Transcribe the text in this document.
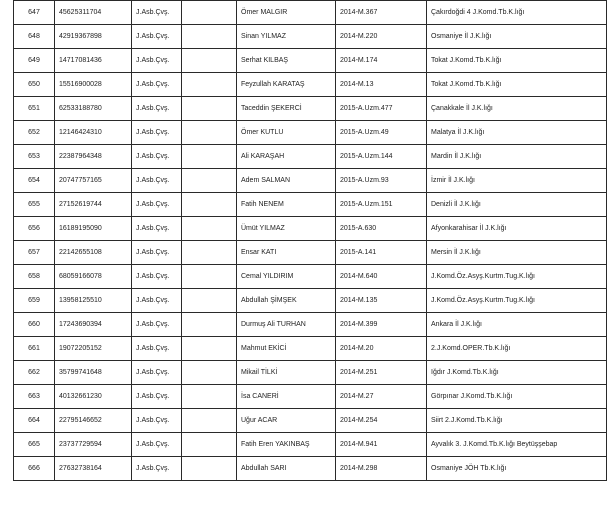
647	45625311704	J.Asb.Çvş.		Ömer MALGIR	2014-M.367	Çakırdoğdi 4 J.Komd.Tb.K.lığı
648	42919367898	J.Asb.Çvş.		Sinan YILMAZ	2014-M.220	Osmaniye İl J.K.lığı
649	14717081436	J.Asb.Çvş.		Serhat KILBAŞ	2014-M.174	Tokat J.Komd.Tb.K.lığı
650	15516900028	J.Asb.Çvş.		Feyzullah KARATAŞ	2014-M.13	Tokat J.Komd.Tb.K.lığı
651	62533188780	J.Asb.Çvş.		Taceddin ŞEKERCİ	2015-A.Uzm.477	Çanakkale İl J.K.lığı
652	12146424310	J.Asb.Çvş.		Ömer KUTLU	2015-A.Uzm.49	Malatya İl J.K.lığı
653	22387964348	J.Asb.Çvş.		Ali KARAŞAH	2015-A.Uzm.144	Mardin İl J.K.lığı
654	20747757165	J.Asb.Çvş.		Adem SALMAN	2015-A.Uzm.93	İzmir İl J.K.lığı
655	27152619744	J.Asb.Çvş.		Fatih NENEM	2015-A.Uzm.151	Denizli İl J.K.lığı
656	16189195090	J.Asb.Çvş.		Ümüt YILMAZ	2015-A.630	Afyonkarahisar İl J.K.lığı
657	22142655108	J.Asb.Çvş.		Ensar KATI	2015-A.141	Mersin İl J.K.lığı
658	68059166078	J.Asb.Çvş.		Cemal YILDIRIM	2014-M.640	J.Komd.Öz.Asyş.Kurtm.Tug.K.lığı
659	13958125510	J.Asb.Çvş.		Abdullah ŞİMŞEK	2014-M.135	J.Komd.Öz.Asyş.Kurtm.Tug.K.lığı
660	17243690394	J.Asb.Çvş.		Durmuş Ali TURHAN	2014-M.399	Ankara İl J.K.lığı
661	19072205152	J.Asb.Çvş.		Mahmut EKİCİ	2014-M.20	2.J.Komd.OPER.Tb.K.lığı
662	35799741648	J.Asb.Çvş.		Mikail TİLKİ	2014-M.251	Iğdır J.Komd.Tb.K.lığı
663	40132661230	J.Asb.Çvş.		İsa CANERİ	2014-M.27	Görpınar J.Komd.Tb.K.lığı
664	22795146652	J.Asb.Çvş.		Uğur ACAR	2014-M.254	Siirt 2.J.Komd.Tb.K.lığı
665	23737729594	J.Asb.Çvş.		Fatih Eren YAKINBAŞ	2014-M.941	Ayvalık 3. J.Komd.Tb.K.lığı Beytüşşebap
666	27632738164	J.Asb.Çvş.		Abdullah SARI	2014-M.298	Osmaniye JÖH Tb.K.lığı
